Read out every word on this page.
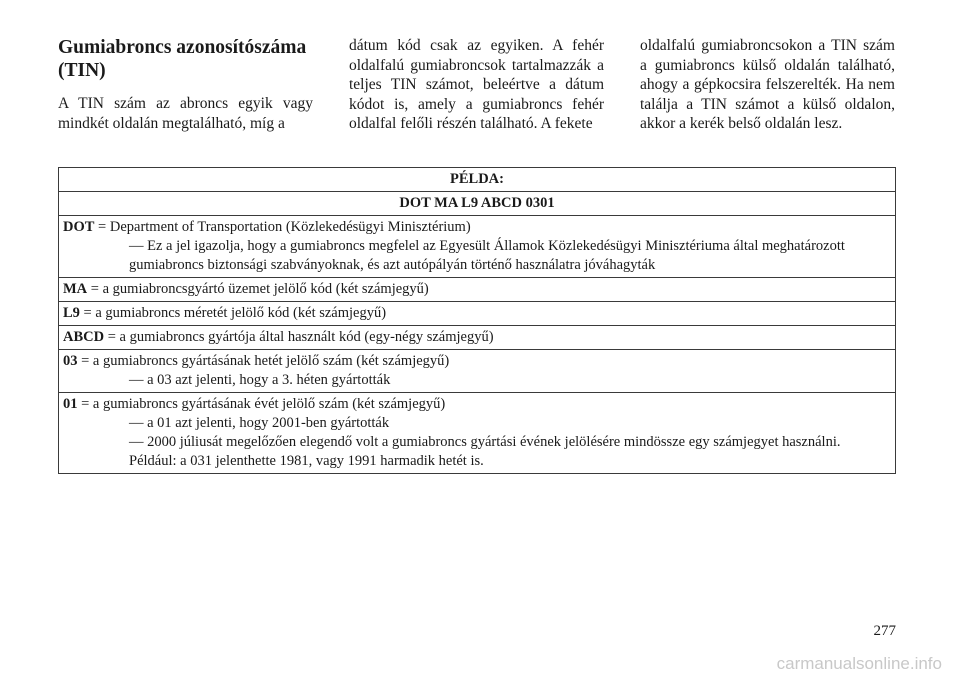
Gumiabroncs azonosítószáma
(TIN)

A TIN szám az abroncs egyik vagy mindkét oldalán megtalálható, míg a

dátum kód csak az egyiken. A fehér oldalfalú gumiabroncsok tartalmazzák a teljes TIN számot, beleértve a dátum kódot is, amely a gumiabroncs fehér oldalfal felőli részén található. A fekete

oldalfalú gumiabroncsokon a TIN szám a gumiabroncs külső oldalán található, ahogy a gépkocsira felszerelték. Ha nem találja a TIN számot a külső oldalon, akkor a kerék belső oldalán lesz.

PÉLDA:
DOT MA L9 ABCD 0301

DOT = Department of Transportation (Közlekedésügyi Minisztérium)
— Ez a jel igazolja, hogy a gumiabroncs megfelel az Egyesült Államok Közlekedésügyi Minisztériuma által meghatározott gumiabroncs biztonsági szabványoknak, és azt autópályán történő használatra jóváhagyták

MA = a gumiabroncsgyártó üzemet jelölő kód (két számjegyű)

L9 = a gumiabroncs méretét jelölő kód (két számjegyű)

ABCD = a gumiabroncs gyártója által használt kód (egy-négy számjegyű)

03 = a gumiabroncs gyártásának hetét jelölő szám (két számjegyű)
— a 03 azt jelenti, hogy a 3. héten gyártották

01 = a gumiabroncs gyártásának évét jelölő szám (két számjegyű)
— a 01 azt jelenti, hogy 2001-ben gyártották
— 2000 júliusát megelőzően elegendő volt a gumiabroncs gyártási évének jelölésére mindössze egy számjegyet használni. Például: a 031 jelenthette 1981, vagy 1991 harmadik hetét is.
277
carmanualsonline.info
